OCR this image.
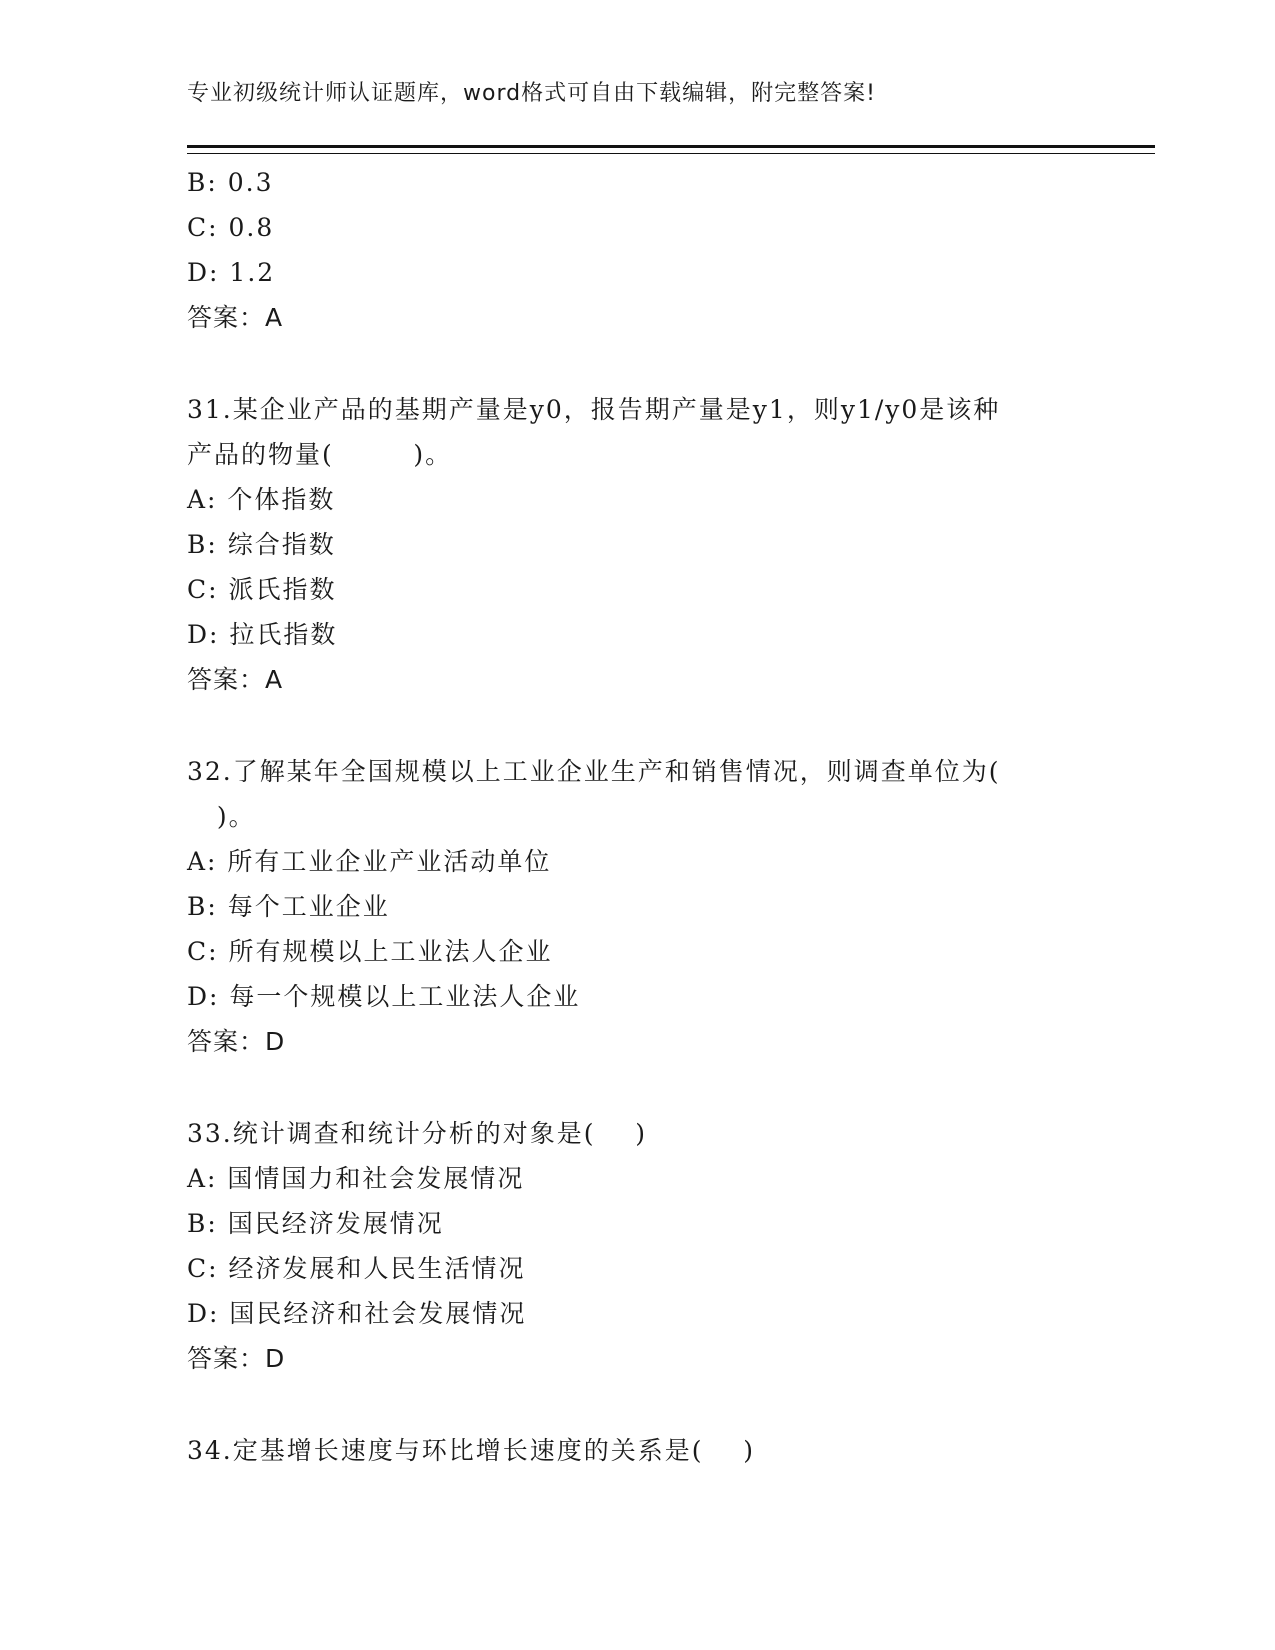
专业初级统计师认证题库，word格式可自由下载编辑，附完整答案!
B: 0.3
C: 0.8
D: 1.2
答案：A
31.某企业产品的基期产量是y0，报告期产量是y1，则y1/y0是该种
产品的物量(        )。
A: 个体指数
B: 综合指数
C: 派氏指数
D: 拉氏指数
答案：A
32.了解某年全国规模以上工业企业生产和销售情况，则调查单位为(
)。
A: 所有工业企业产业活动单位
B: 每个工业企业
C: 所有规模以上工业法人企业
D: 每一个规模以上工业法人企业
答案：D
33.统计调查和统计分析的对象是(    )
A: 国情国力和社会发展情况
B: 国民经济发展情况
C: 经济发展和人民生活情况
D: 国民经济和社会发展情况
答案：D
34.定基增长速度与环比增长速度的关系是(    )
